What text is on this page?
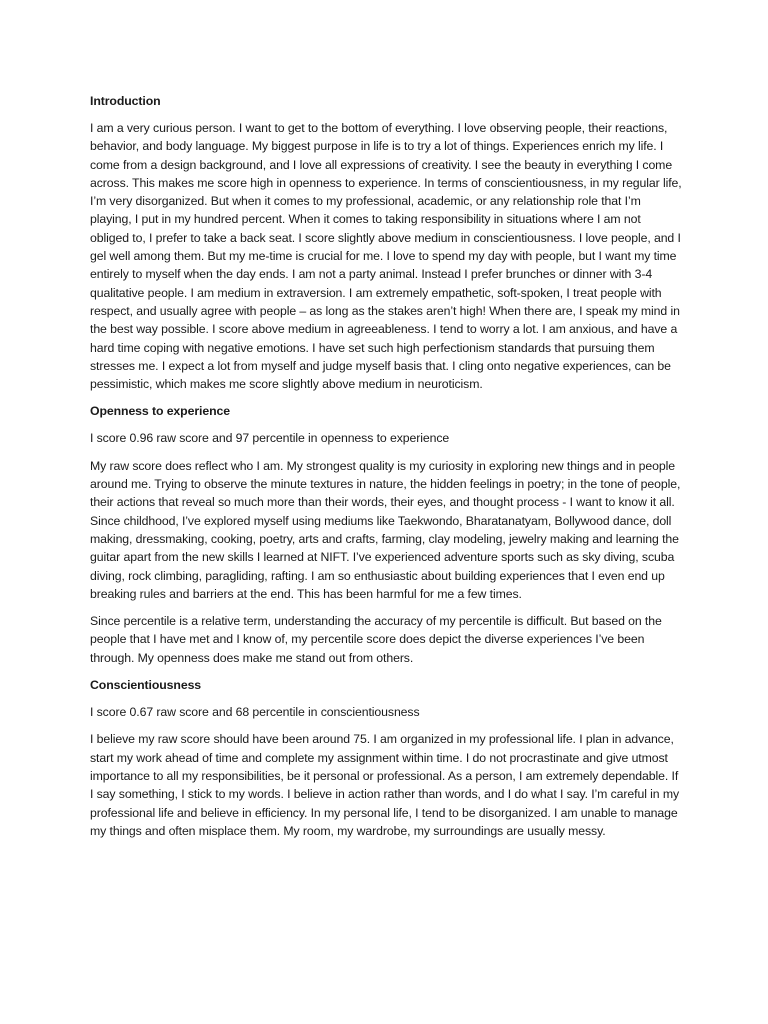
Introduction

I am a very curious person. I want to get to the bottom of everything. I love observing people, their reactions, behavior, and body language. My biggest purpose in life is to try a lot of things. Experiences enrich my life. I come from a design background, and I love all expressions of creativity. I see the beauty in everything I come across. This makes me score high in openness to experience. In terms of conscientiousness, in my regular life, I’m very disorganized. But when it comes to my professional, academic, or any relationship role that I’m playing, I put in my hundred percent. When it comes to taking responsibility in situations where I am not obliged to, I prefer to take a back seat. I score slightly above medium in conscientiousness. I love people, and I gel well among them. But my me-time is crucial for me. I love to spend my day with people, but I want my time entirely to myself when the day ends. I am not a party animal. Instead I prefer brunches or dinner with 3-4 qualitative people. I am medium in extraversion. I am extremely empathetic, soft-spoken, I treat people with respect, and usually agree with people – as long as the stakes aren’t high! When there are, I speak my mind in the best way possible. I score above medium in agreeableness. I tend to worry a lot. I am anxious, and have a hard time coping with negative emotions. I have set such high perfectionism standards that pursuing them stresses me. I expect a lot from myself and judge myself basis that. I cling onto negative experiences, can be pessimistic, which makes me score slightly above medium in neuroticism.

Openness to experience

I score 0.96 raw score and 97 percentile in openness to experience

My raw score does reflect who I am. My strongest quality is my curiosity in exploring new things and in people around me. Trying to observe the minute textures in nature, the hidden feelings in poetry; in the tone of people, their actions that reveal so much more than their words, their eyes, and thought process - I want to know it all. Since childhood, I’ve explored myself using mediums like Taekwondo, Bharatanatyam, Bollywood dance, doll making, dressmaking, cooking, poetry, arts and crafts, farming, clay modeling, jewelry making and learning the guitar apart from the new skills I learned at NIFT. I’ve experienced adventure sports such as sky diving, scuba diving, rock climbing, paragliding, rafting. I am so enthusiastic about building experiences that I even end up breaking rules and barriers at the end. This has been harmful for me a few times.

Since percentile is a relative term, understanding the accuracy of my percentile is difficult. But based on the people that I have met and I know of, my percentile score does depict the diverse experiences I’ve been through. My openness does make me stand out from others.

Conscientiousness

I score 0.67 raw score and 68 percentile in conscientiousness

I believe my raw score should have been around 75. I am organized in my professional life. I plan in advance, start my work ahead of time and complete my assignment within time. I do not procrastinate and give utmost importance to all my responsibilities, be it personal or professional. As a person, I am extremely dependable. If I say something, I stick to my words. I believe in action rather than words, and I do what I say. I’m careful in my professional life and believe in efficiency. In my personal life, I tend to be disorganized. I am unable to manage my things and often misplace them. My room, my wardrobe, my surroundings are usually messy.
